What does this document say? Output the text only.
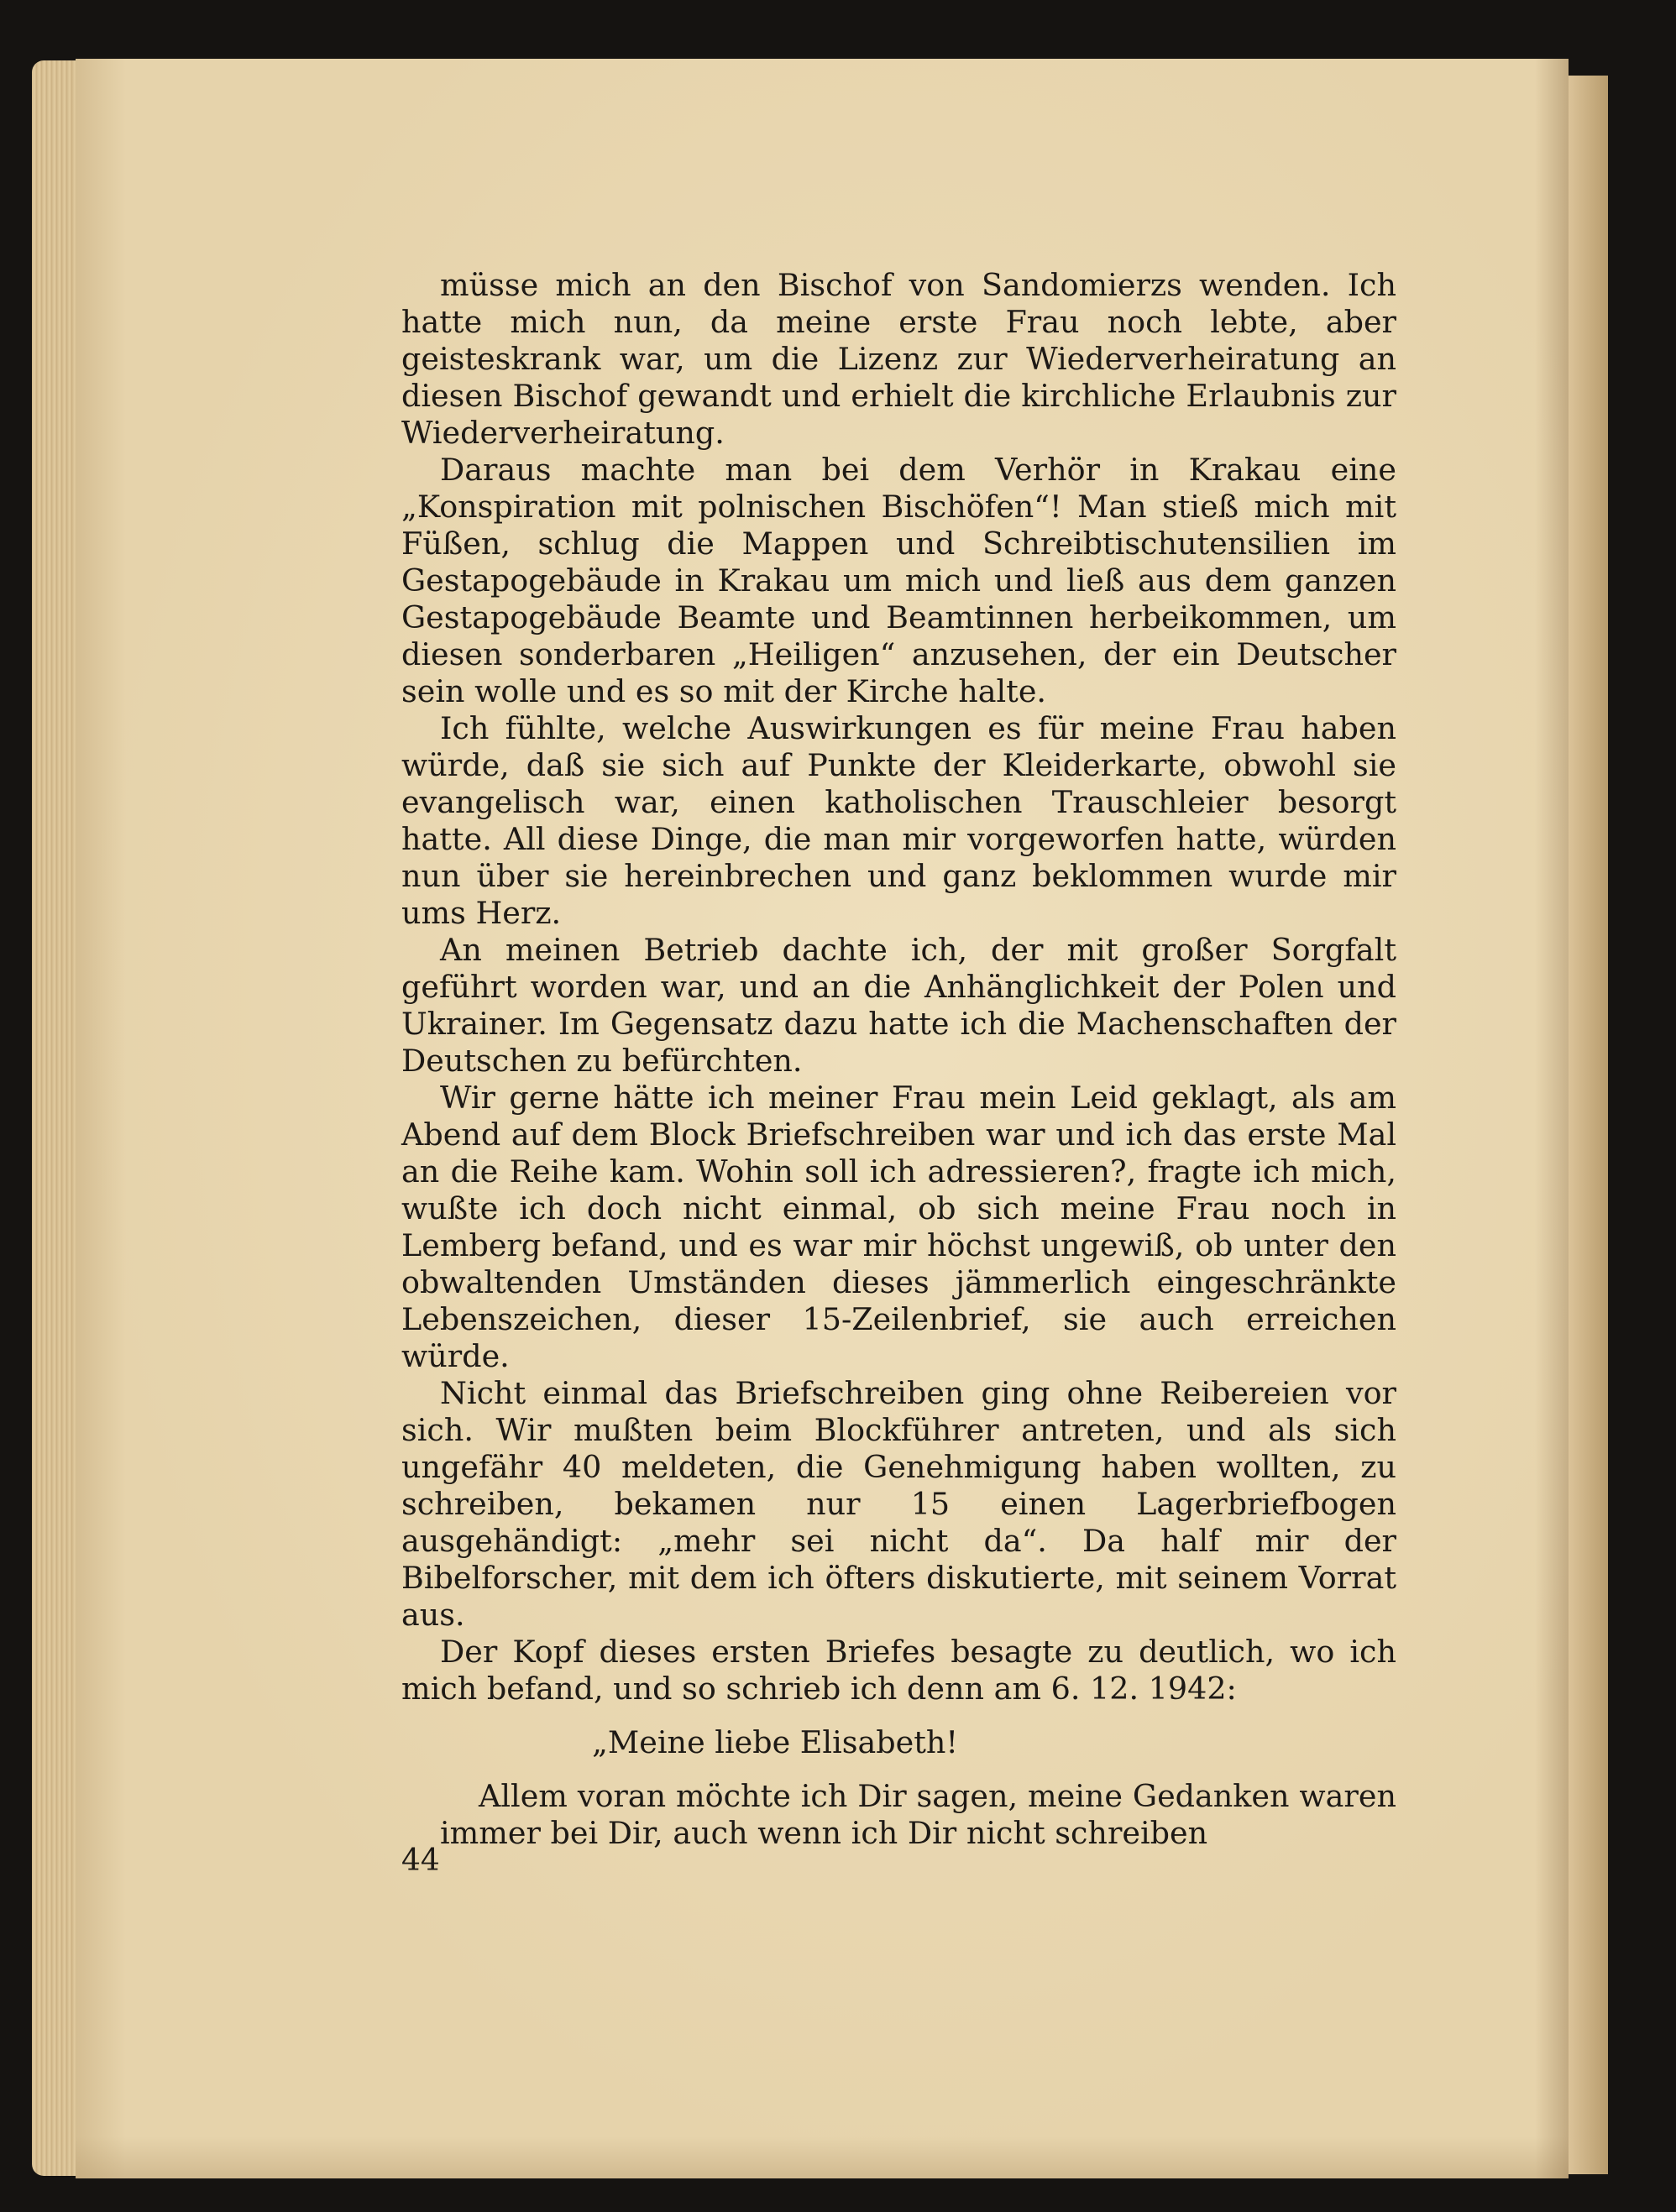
müsse mich an den Bischof von Sandomierzs wenden. Ich hatte mich nun, da meine erste Frau noch lebte, aber geisteskrank war, um die Lizenz zur Wiederverheiratung an diesen Bischof gewandt und erhielt die kirchliche Erlaubnis zur Wiederverheiratung.

Daraus machte man bei dem Verhör in Krakau eine „Konspiration mit polnischen Bischöfen“! Man stieß mich mit Füßen, schlug die Mappen und Schreibtischutensilien im Gestapogebäude in Krakau um mich und ließ aus dem ganzen Gestapogebäude Beamte und Beamtinnen herbeikommen, um diesen sonderbaren „Heiligen“ anzusehen, der ein Deutscher sein wolle und es so mit der Kirche halte.

Ich fühlte, welche Auswirkungen es für meine Frau haben würde, daß sie sich auf Punkte der Kleiderkarte, obwohl sie evangelisch war, einen katholischen Trauschleier besorgt hatte. All diese Dinge, die man mir vorgeworfen hatte, würden nun über sie hereinbrechen und ganz beklommen wurde mir ums Herz.

An meinen Betrieb dachte ich, der mit großer Sorgfalt geführt worden war, und an die Anhänglichkeit der Polen und Ukrainer. Im Gegensatz dazu hatte ich die Machenschaften der Deutschen zu befürchten.

Wir gerne hätte ich meiner Frau mein Leid geklagt, als am Abend auf dem Block Briefschreiben war und ich das erste Mal an die Reihe kam. Wohin soll ich adressieren?, fragte ich mich, wußte ich doch nicht einmal, ob sich meine Frau noch in Lemberg befand, und es war mir höchst ungewiß, ob unter den obwaltenden Umständen dieses jämmerlich eingeschränkte Lebenszeichen, dieser 15-Zeilenbrief, sie auch erreichen würde.

Nicht einmal das Briefschreiben ging ohne Reibereien vor sich. Wir mußten beim Blockführer antreten, und als sich ungefähr 40 meldeten, die Genehmigung haben wollten, zu schreiben, bekamen nur 15 einen Lagerbriefbogen ausgehändigt: „mehr sei nicht da“. Da half mir der Bibelforscher, mit dem ich öfters diskutierte, mit seinem Vorrat aus.

Der Kopf dieses ersten Briefes besagte zu deutlich, wo ich mich befand, und so schrieb ich denn am 6. 12. 1942:

„Meine liebe Elisabeth!

Allem voran möchte ich Dir sagen, meine Gedanken waren immer bei Dir, auch wenn ich Dir nicht schreiben

44
